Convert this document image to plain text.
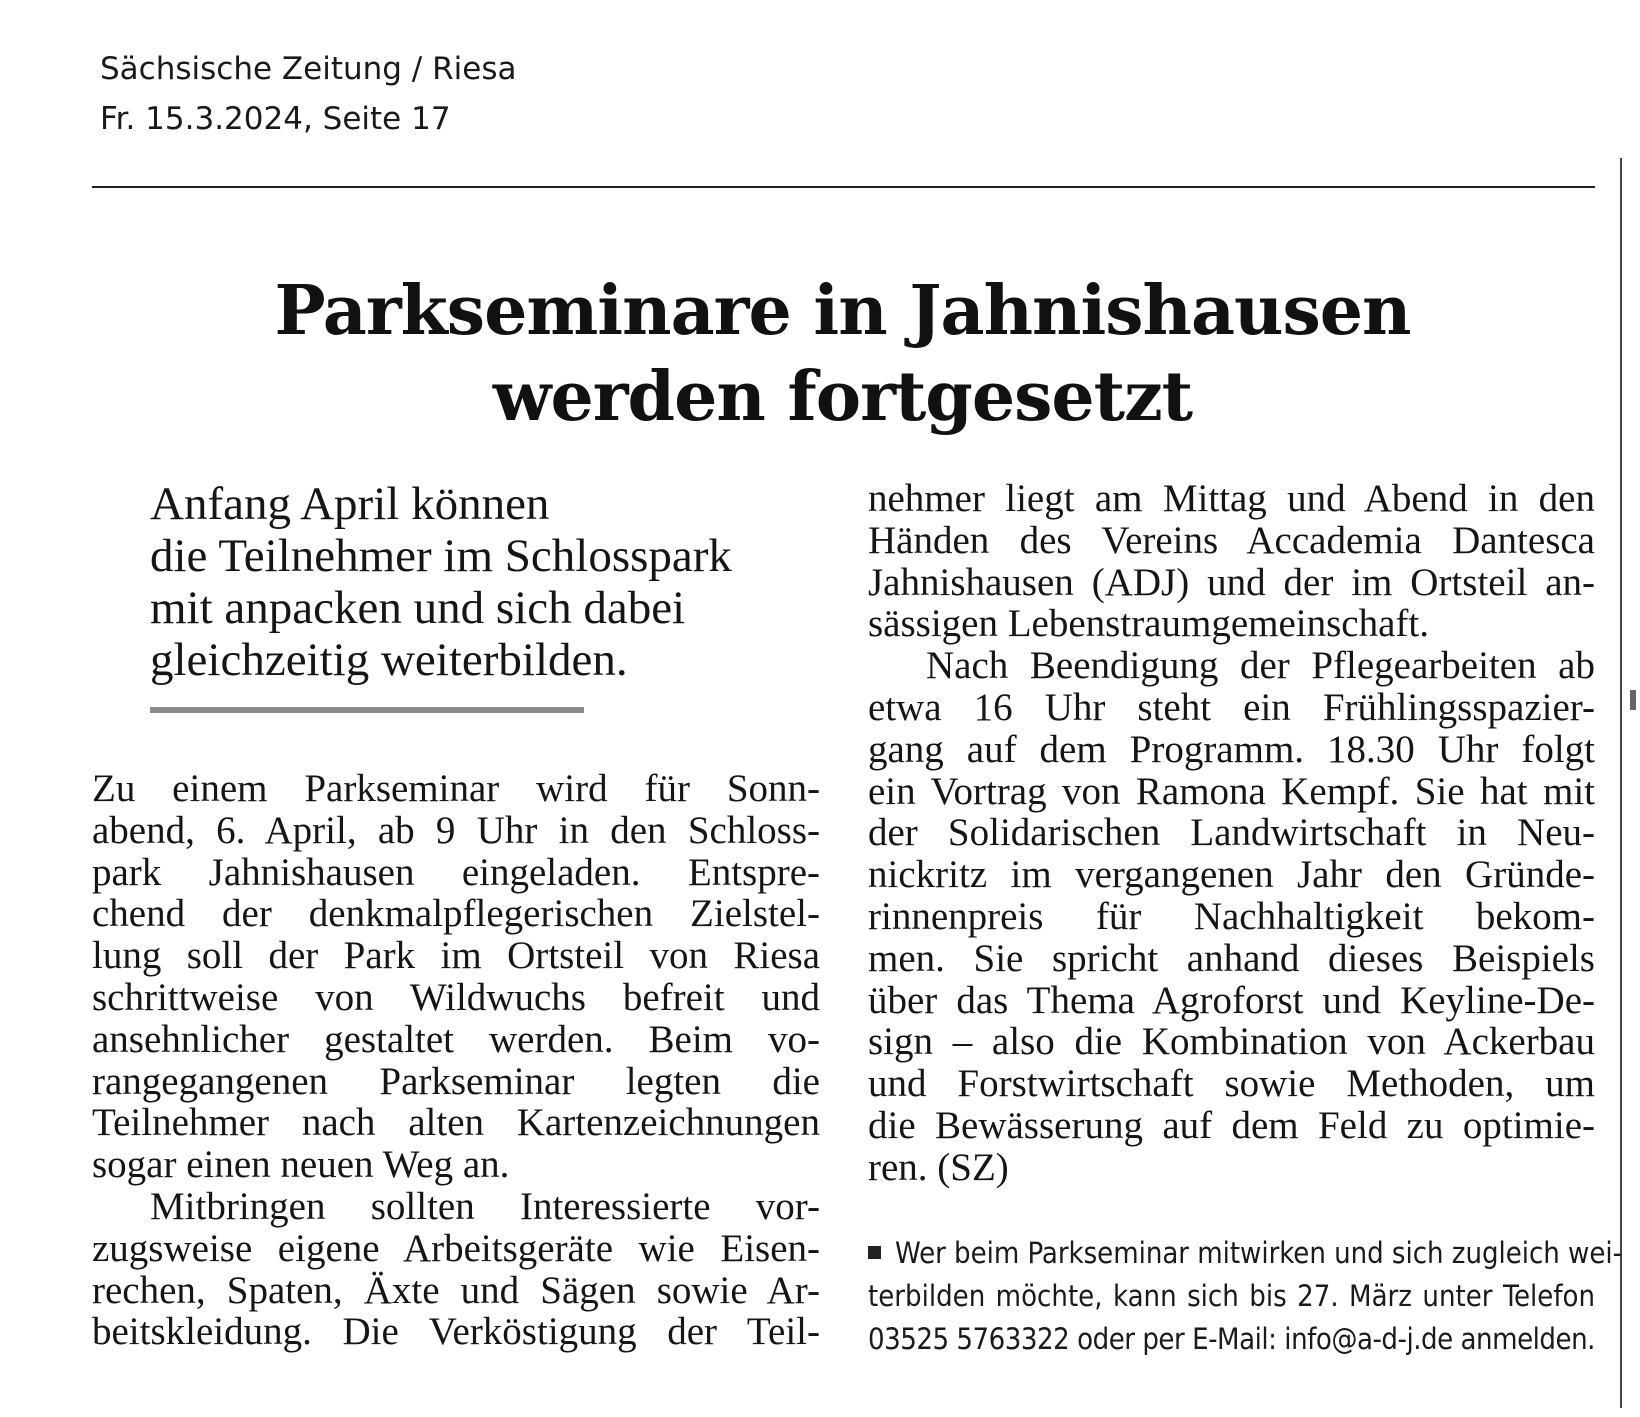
Sächsische Zeitung / Riesa
Fr. 15.3.2024, Seite 17
Parkseminare in Jahnishausen
werden fortgesetzt
Anfang April können
die Teilnehmer im Schlosspark
mit anpacken und sich dabei
gleichzeitig weiterbilden.
Zu einem Parkseminar wird für Sonn-
abend, 6. April, ab 9 Uhr in den Schloss-
park Jahnishausen eingeladen. Entspre-
chend der denkmalpflegerischen Zielstel-
lung soll der Park im Ortsteil von Riesa
schrittweise von Wildwuchs befreit und
ansehnlicher gestaltet werden. Beim vo-
rangegangenen Parkseminar legten die
Teilnehmer nach alten Kartenzeichnungen
sogar einen neuen Weg an.
Mitbringen sollten Interessierte vor-
zugsweise eigene Arbeitsgeräte wie Eisen-
rechen, Spaten, Äxte und Sägen sowie Ar-
beitskleidung. Die Verköstigung der Teil-
nehmer liegt am Mittag und Abend in den
Händen des Vereins Accademia Dantesca
Jahnishausen (ADJ) und der im Ortsteil an-
sässigen Lebenstraumgemeinschaft.
Nach Beendigung der Pflegearbeiten ab
etwa 16 Uhr steht ein Frühlingsspazier-
gang auf dem Programm. 18.30 Uhr folgt
ein Vortrag von Ramona Kempf. Sie hat mit
der Solidarischen Landwirtschaft in Neu-
nickritz im vergangenen Jahr den Gründe-
rinnenpreis für Nachhaltigkeit bekom-
men. Sie spricht anhand dieses Beispiels
über das Thema Agroforst und Keyline-De-
sign – also die Kombination von Ackerbau
und Forstwirtschaft sowie Methoden, um
die Bewässerung auf dem Feld zu optimie-
ren. (SZ)
Wer beim Parkseminar mitwirken und sich zugleich wei-
terbilden möchte, kann sich bis 27. März unter Telefon
03525 5763322 oder per E-Mail: info@a-d-j.de anmelden.
